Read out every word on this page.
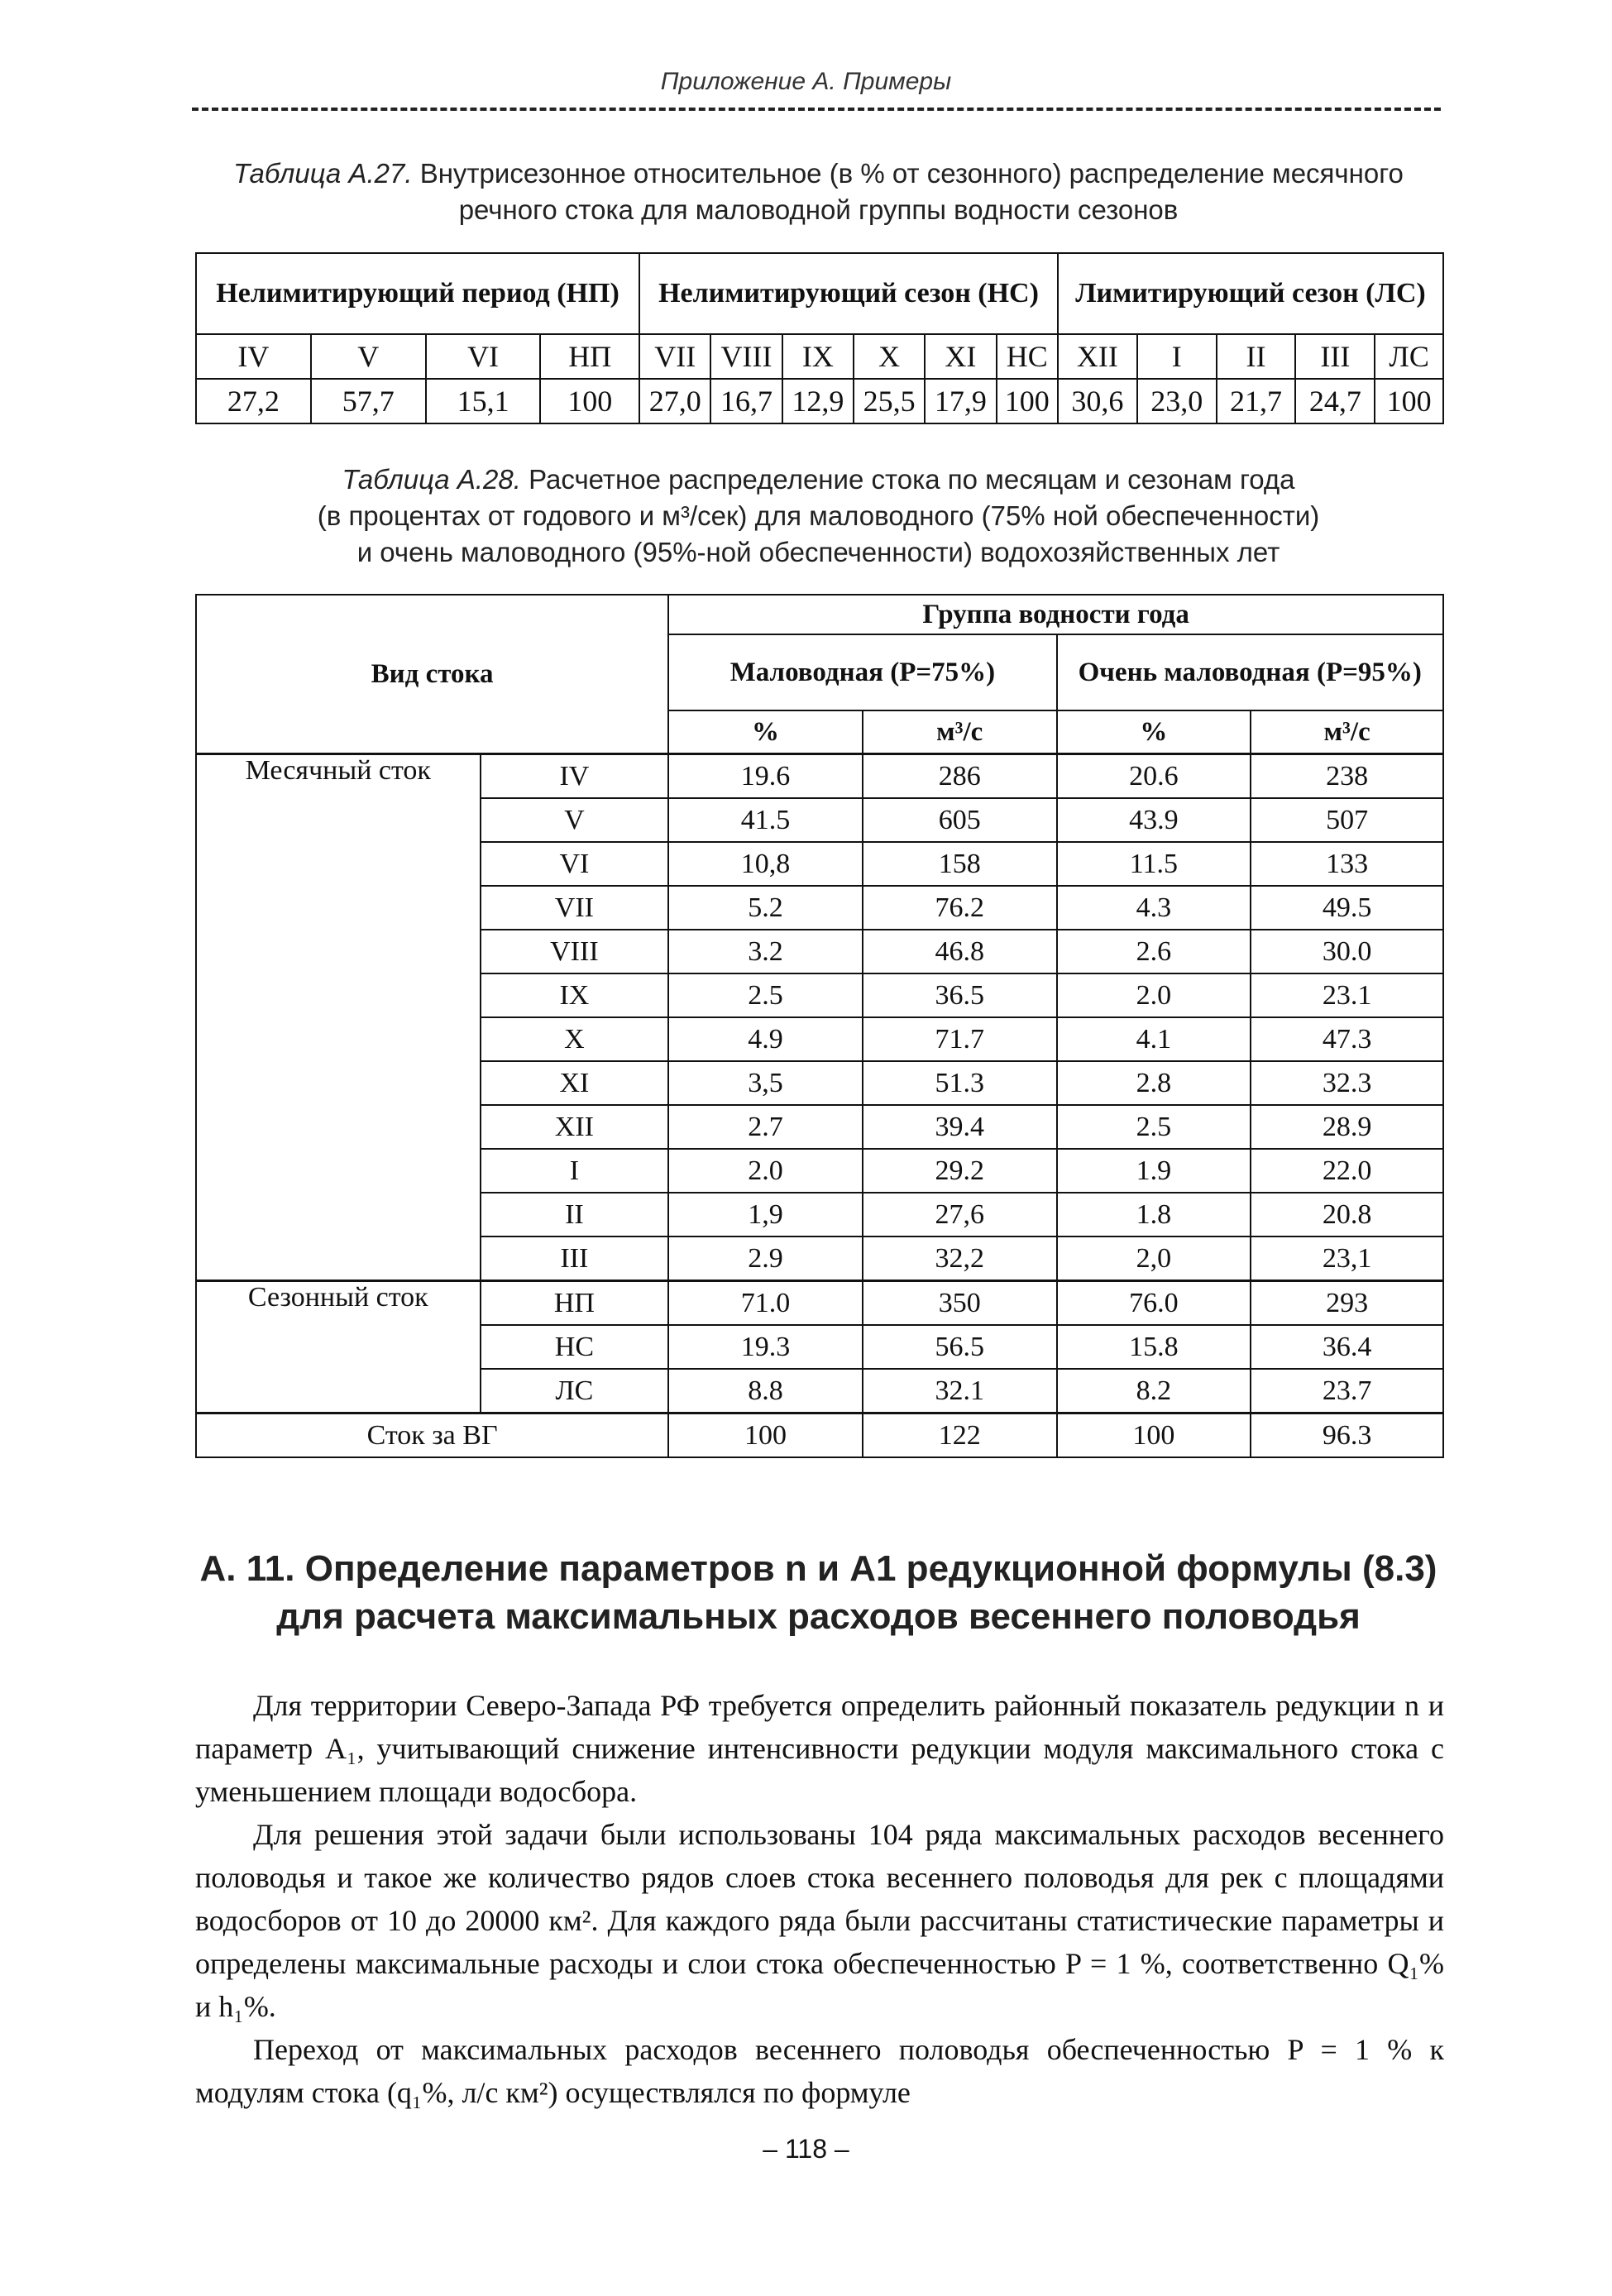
Приложение А. Примеры
Таблица А.27. Внутрисезонное относительное (в % от сезонного) распределение месячного речного стока для маловодной группы водности сезонов
Нелимитирующий период (НП)				Нелимитирующий сезон (НС)						Лимитирующий сезон (ЛС)				
IV	V	VI	НП	VII	VIII	IX	X	XI	НС	XII	I	II	III	ЛС
27,2	57,7	15,1	100	27,0	16,7	12,9	25,5	17,9	100	30,6	23,0	21,7	24,7	100
Таблица А.28. Расчетное распределение стока по месяцам и сезонам года
(в процентах от годового и м³/сек) для маловодного (75% ной обеспеченности)
и очень маловодного (95%-ной обеспеченности) водохозяйственных лет
Вид стока		Группа водности года			
		Маловодная (Р=75%)		Очень маловодная (Р=95%)	
		%	м³/с	%	м³/с
Месячный сток	IV	19.6	286	20.6	238
	V	41.5	605	43.9	507
	VI	10,8	158	11.5	133
	VII	5.2	76.2	4.3	49.5
	VIII	3.2	46.8	2.6	30.0
	IX	2.5	36.5	2.0	23.1
	X	4.9	71.7	4.1	47.3
	XI	3,5	51.3	2.8	32.3
	XII	2.7	39.4	2.5	28.9
	I	2.0	29.2	1.9	22.0
	II	1,9	27,6	1.8	20.8
	III	2.9	32,2	2,0	23,1
Сезонный сток	НП	71.0	350	76.0	293
	НС	19.3	56.5	15.8	36.4
	ЛС	8.8	32.1	8.2	23.7
Сток за ВГ		100	122	100	96.3
А. 11. Определение параметров n и A1 редукционной формулы (8.3) для расчета максимальных расходов весеннего половодья

Для территории Северо-Запада РФ требуется определить районный показатель редукции n и параметр A₁, учитывающий снижение интенсивности редукции модуля максимального стока с уменьшением площади водосбора.

Для решения этой задачи были использованы 104 ряда максимальных расходов весеннего половодья и такое же количество рядов слоев стока весеннего половодья для рек с площадями водосборов от 10 до 20000 км². Для каждого ряда были рассчитаны статистические параметры и определены максимальные расходы и слои стока обеспеченностью P = 1 %, соответственно Q₁% и h₁%.

Переход от максимальных расходов весеннего половодья обеспеченностью P = 1 % к модулям стока (q₁%, л/с км²) осуществлялся по формуле

– 118 –
